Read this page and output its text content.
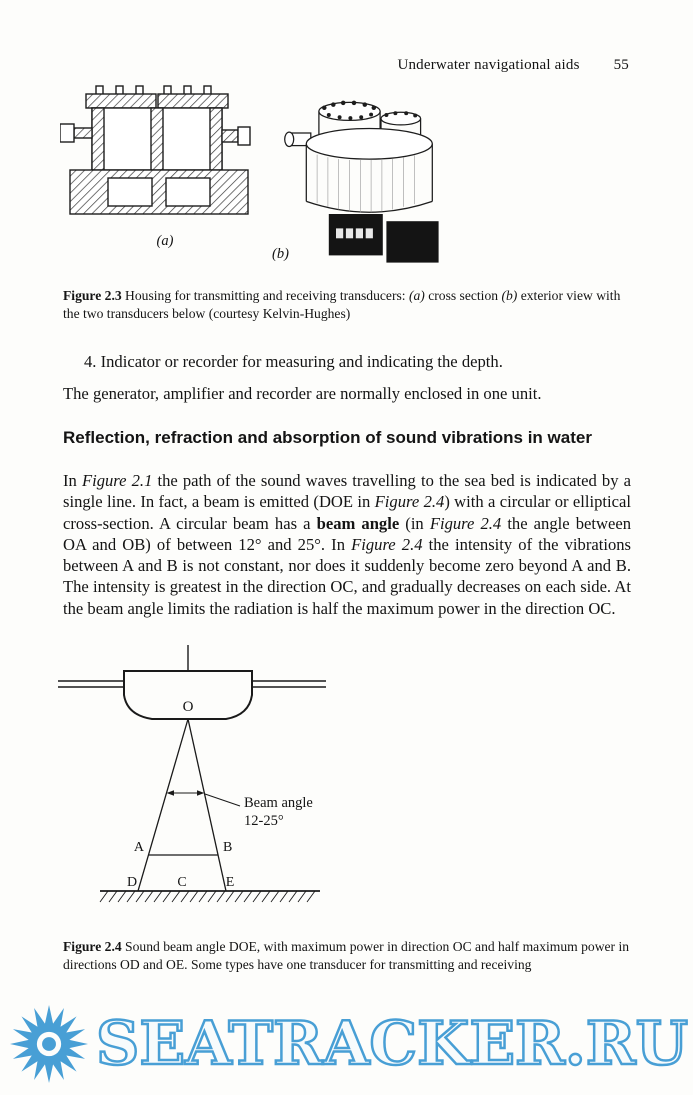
Underwater navigational aids 55
(a)
(b)
Figure 2.3 Housing for transmitting and receiving transducers: (a) cross section (b) exterior view with the two transducers below (courtesy Kelvin-Hughes)
4. Indicator or recorder for measuring and indicating the depth.
The generator, amplifier and recorder are normally enclosed in one unit.
Reflection, refraction and absorption of sound vibrations in water
In Figure 2.1 the path of the sound waves travelling to the sea bed is indicated by a single line. In fact, a beam is emitted (DOE in Figure 2.4) with a circular or elliptical cross-section. A circular beam has a beam angle (in Figure 2.4 the angle between OA and OB) of between 12° and 25°. In Figure 2.4 the intensity of the vibrations between A and B is not constant, nor does it suddenly become zero beyond A and B. The intensity is greatest in the direction OC, and gradually decreases on each side. At the beam angle limits the radiation is half the maximum power in the direction OC.
O
A	B
D	C	E
Beam angle
12-25°
Figure 2.4 Sound beam angle DOE, with maximum power in direction OC and half maximum power in directions OD and OE. Some types have one transducer for transmitting and receiving
SEATRACKER.RU
